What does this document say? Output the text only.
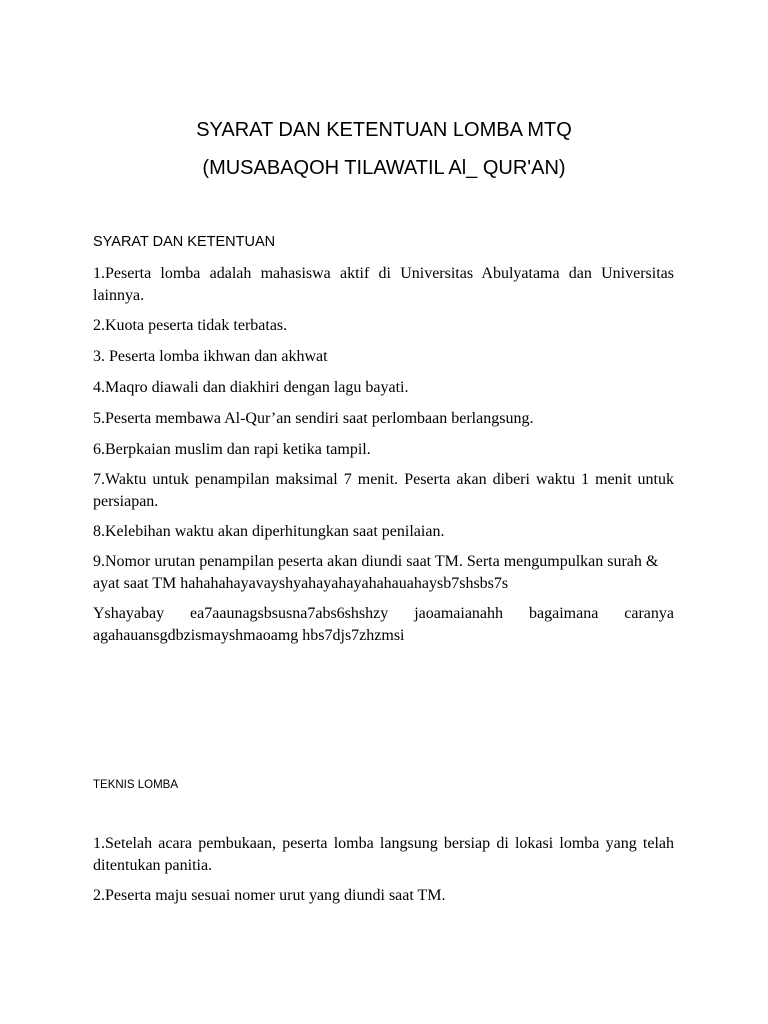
SYARAT DAN KETENTUAN LOMBA MTQ
(MUSABAQOH TILAWATIL Al_ QUR'AN)
SYARAT DAN KETENTUAN

1.Peserta lomba adalah mahasiswa aktif di Universitas Abulyatama dan Universitas lainnya.

2.Kuota peserta tidak terbatas.

3. Peserta lomba ikhwan dan akhwat

4.Maqro diawali dan diakhiri dengan lagu bayati.

5.Peserta membawa Al-Qur’an sendiri saat perlombaan berlangsung.

6.Berpkaian muslim dan rapi ketika tampil.

7.Waktu untuk penampilan maksimal 7 menit. Peserta akan diberi waktu 1 menit untuk persiapan.

8.Kelebihan waktu akan diperhitungkan saat penilaian.

9.Nomor urutan penampilan peserta akan diundi saat TM. Serta mengumpulkan surah & ayat saat TM hahahahayavayshyahayahayahahauahaysb7shsbs7s

Yshayabay ea7aaunagsbsusna7abs6shshzy jaoamaianahh bagaimana caranya agahauansgdbzismayshmaoamg hbs7djs7zhzmsi

TEKNIS LOMBA

1.Setelah acara pembukaan, peserta lomba langsung bersiap di lokasi lomba yang telah ditentukan panitia.

2.Peserta maju sesuai nomer urut yang diundi saat TM.
